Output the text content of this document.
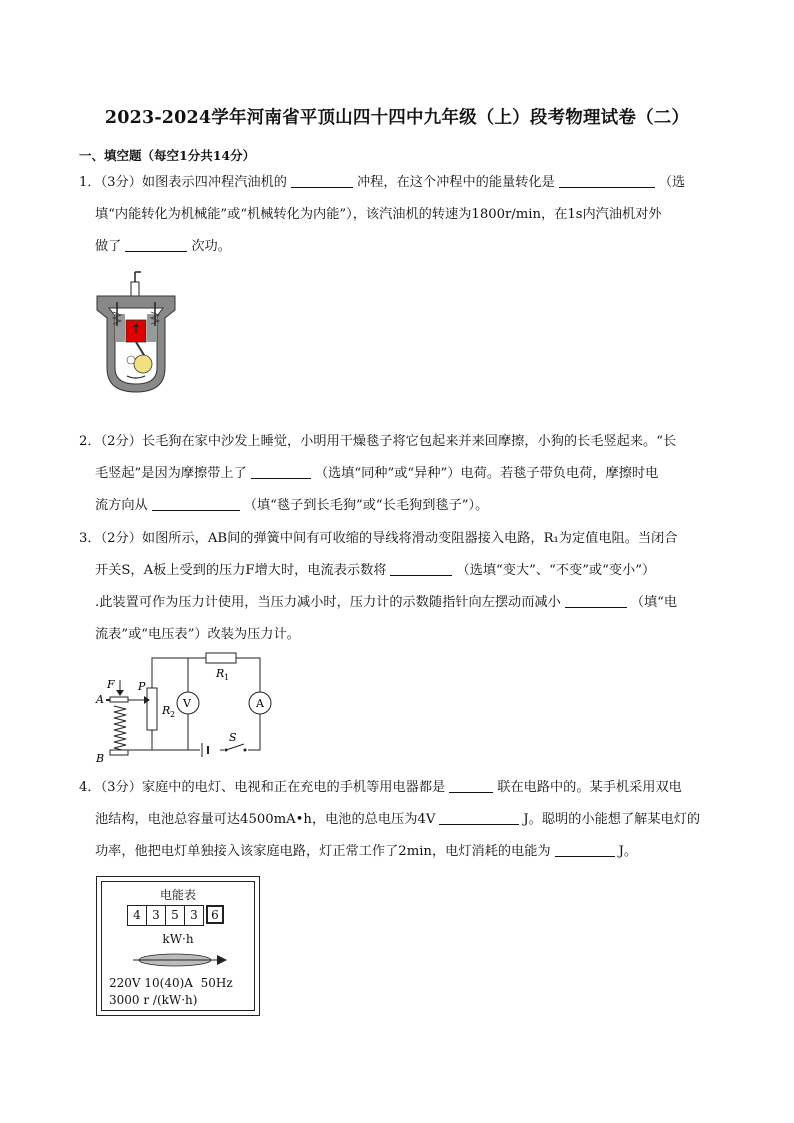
2023-2024学年河南省平顶山四十四中九年级（上）段考物理试卷（二）
一、填空题（每空1分共14分）
1．（3分）如图表示四冲程汽油机的	冲程，在这个冲程中的能量转化是	（选
填“内能转化为机械能”或“机械转化为内能”），该汽油机的转速为1800r/min，在1s内汽油机对外
做了	次功。
2．（2分）长毛狗在家中沙发上睡觉，小明用干燥毯子将它包起来并来回摩擦，小狗的长毛竖起来。“长
毛竖起”是因为摩擦带上了	（选填“同种”或“异种”）电荷。若毯子带负电荷，摩擦时电
流方向从	（填“毯子到长毛狗”或“长毛狗到毯子”）。
3．（2分）如图所示，AB间的弹簧中间有可收缩的导线将滑动变阻器接入电路，R₁为定值电阻。当闭合
开关S，A板上受到的压力F增大时，电流表示数将	（选填“变大”、“不变”或“变小”）
.此装置可作为压力计使用，当压力减小时，压力计的示数随指针向左摆动而减小	（填“电
流表”或“电压表”）改装为压力计。
R 1
R 2
P
V	A
S
F
A
B
4．（3分）家庭中的电灯、电视和正在充电的手机等用电器都是	联在电路中的。某手机采用双电
池结构，电池总容量可达4500mA•h，电池的总电压为4V	J。聪明的小能想了解某电灯的
功率，他把电灯单独接入该家庭电路，灯正常工作了2min，电灯消耗的电能为	J。
电能表
4 3 5 3	6
kW·h
220V 10(40)A  50Hz
3000 r /(kW·h)
